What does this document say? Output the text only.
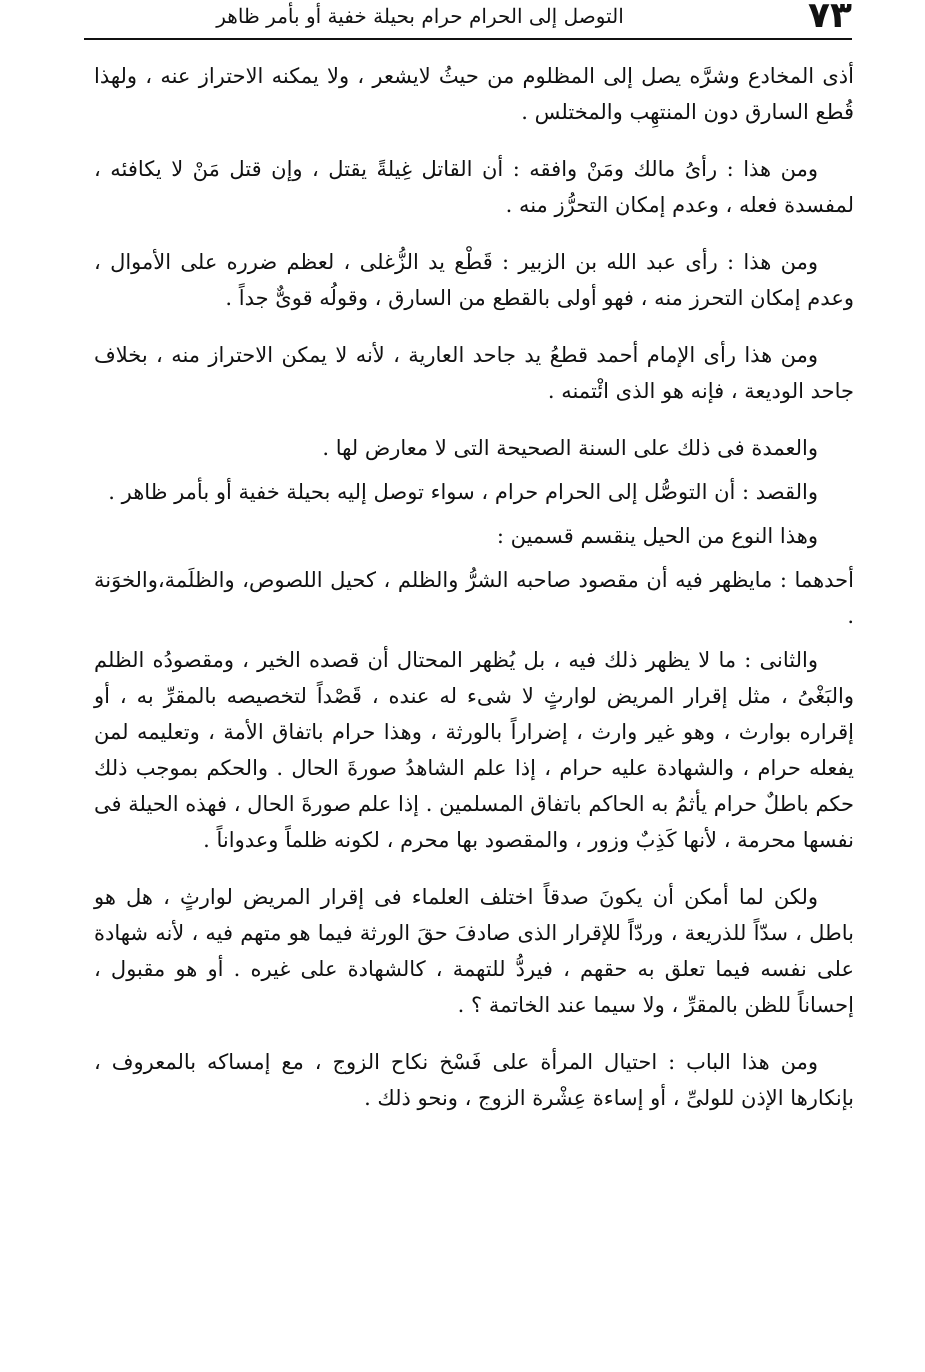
٧٣
التوصل إلى الحرام حرام بحيلة خفية أو بأمر ظاهر

أذى المخادع وشرَّه يصل إلى المظلوم من حيثُ لايشعر ، ولا يمكنه الاحتراز عنه ، ولهذا قُطع السارق دون المنتهِب والمختلس .

ومن هذا : رأىُ مالك ومَنْ وافقه : أن القاتل غِيلةً يقتل ، وإن قتل مَنْ لا يكافئه ، لمفسدة فعله ، وعدم إمكان التحرُّز منه .

ومن هذا : رأى عبد الله بن الزبير : قَطْع يد الزُّغلى ، لعظم ضرره على الأموال ، وعدم إمكان التحرز منه ، فهو أولى بالقطع من السارق ، وقولُه قوىٌّ جداً .

ومن هذا رأى الإمام أحمد قطعُ يد جاحد العارية ، لأنه لا يمكن الاحتراز منه ، بخلاف جاحد الوديعة ، فإنه هو الذى ائْتمنه .

والعمدة فى ذلك على السنة الصحيحة التى لا معارض لها .

والقصد : أن التوصُّل إلى الحرام حرام ، سواء توصل إليه بحيلة خفية أو بأمر ظاهر .

وهذا النوع من الحيل ينقسم قسمين :

أحدهما : مايظهر فيه أن مقصود صاحبه الشرُّ والظلم ، كحيل اللصوص، والظلَمة،والخوَنة .

والثانى : ما لا يظهر ذلك فيه ، بل يُظهر المحتال أن قصده الخير ، ومقصودُه الظلم والبَغْىُ ، مثل إقرار المريض لوارثٍ لا شىء له عنده ، قَصْداً لتخصيصه بالمقرِّ به ، أو إقراره بوارث ، وهو غير وارث ، إضراراً بالورثة ، وهذا حرام باتفاق الأمة ، وتعليمه لمن يفعله حرام ، والشهادة عليه حرام ، إذا علم الشاهدُ صورةَ الحال . والحكم بموجب ذلك حكم باطلٌ حرام يأثمُ به الحاكم باتفاق المسلمين . إذا علم صورةَ الحال ، فهذه الحيلة فى نفسها محرمة ، لأنها كَذِبٌ وزور ، والمقصود بها محرم ، لكونه ظلماً وعدواناً .

ولكن لما أمكن أن يكونَ صدقاً اختلف العلماء فى إقرار المريض لوارثٍ ، هل هو باطل ، سدّاً للذريعة ، وردّاً للإقرار الذى صادفَ حقَ الورثة فيما هو متهم فيه ، لأنه شهادة على نفسه فيما تعلق به حقهم ، فيردُّ للتهمة ، كالشهادة على غيره . أو هو مقبول ، إحساناً للظن بالمقرِّ ، ولا سيما عند الخاتمة ؟ .

ومن هذا الباب : احتيال المرأة على فَسْخ نكاح الزوج ، مع إمساكه بالمعروف ، بإنكارها الإذن للولىِّ ، أو إساءة عِشْرة الزوج ، ونحو ذلك .
